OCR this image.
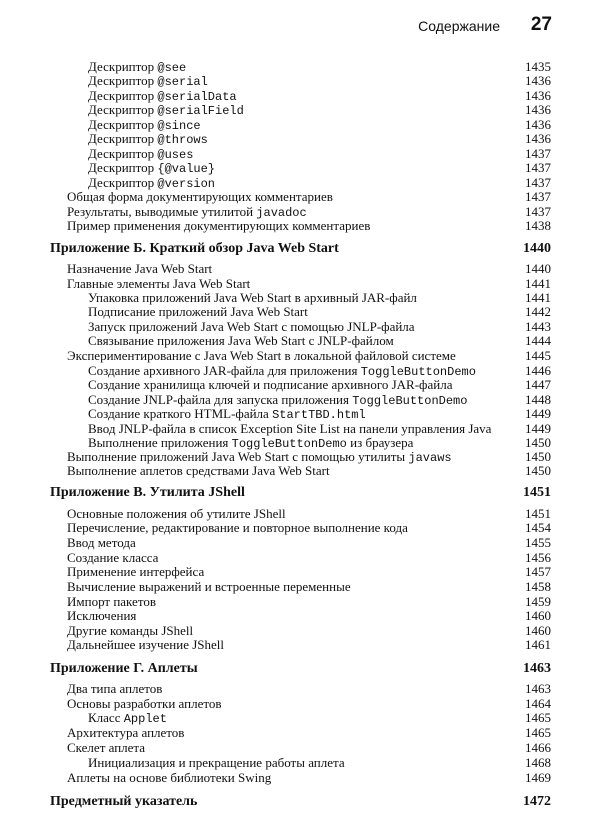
Содержание 27
Дескриптор @see	1435
Дескриптор @serial	1436
Дескриптор @serialData	1436
Дескриптор @serialField	1436
Дескриптор @since	1436
Дескриптор @throws	1436
Дескриптор @uses	1437
Дескриптор {@value}	1437
Дескриптор @version	1437
Общая форма документирующих комментариев	1437
Результаты, выводимые утилитой javadoc	1437
Пример применения документирующих комментариев	1438
Приложение Б. Краткий обзор Java Web Start	1440
Назначение Java Web Start	1440
Главные элементы Java Web Start	1441
Упаковка приложений Java Web Start в архивный JAR-файл	1441
Подписание приложений Java Web Start	1442
Запуск приложений Java Web Start с помощью JNLP-файла	1443
Связывание приложения Java Web Start с JNLP-файлом	1444
Экспериментирование с Java Web Start в локальной файловой системе	1445
Создание архивного JAR-файла для приложения ToggleButtonDemo	1446
Создание хранилища ключей и подписание архивного JAR-файла	1447
Создание JNLP-файла для запуска приложения ToggleButtonDemo	1448
Создание краткого HTML-файла StartTBD.html	1449
Ввод JNLP-файла в список Exception Site List на панели управления Java	1449
Выполнение приложения ToggleButtonDemo из браузера	1450
Выполнение приложений Java Web Start с помощью утилиты javaws	1450
Выполнение аплетов средствами Java Web Start	1450
Приложение В. Утилита JShell	1451
Основные положения об утилите JShell	1451
Перечисление, редактирование и повторное выполнение кода	1454
Ввод метода	1455
Создание класса	1456
Применение интерфейса	1457
Вычисление выражений и встроенные переменные	1458
Импорт пакетов	1459
Исключения	1460
Другие команды JShell	1460
Дальнейшее изучение JShell	1461
Приложение Г. Аплеты	1463
Два типа аплетов	1463
Основы разработки аплетов	1464
Класс Applet	1465
Архитектура аплетов	1465
Скелет аплета	1466
Инициализация и прекращение работы аплета	1468
Аплеты на основе библиотеки Swing	1469
Предметный указатель	1472
